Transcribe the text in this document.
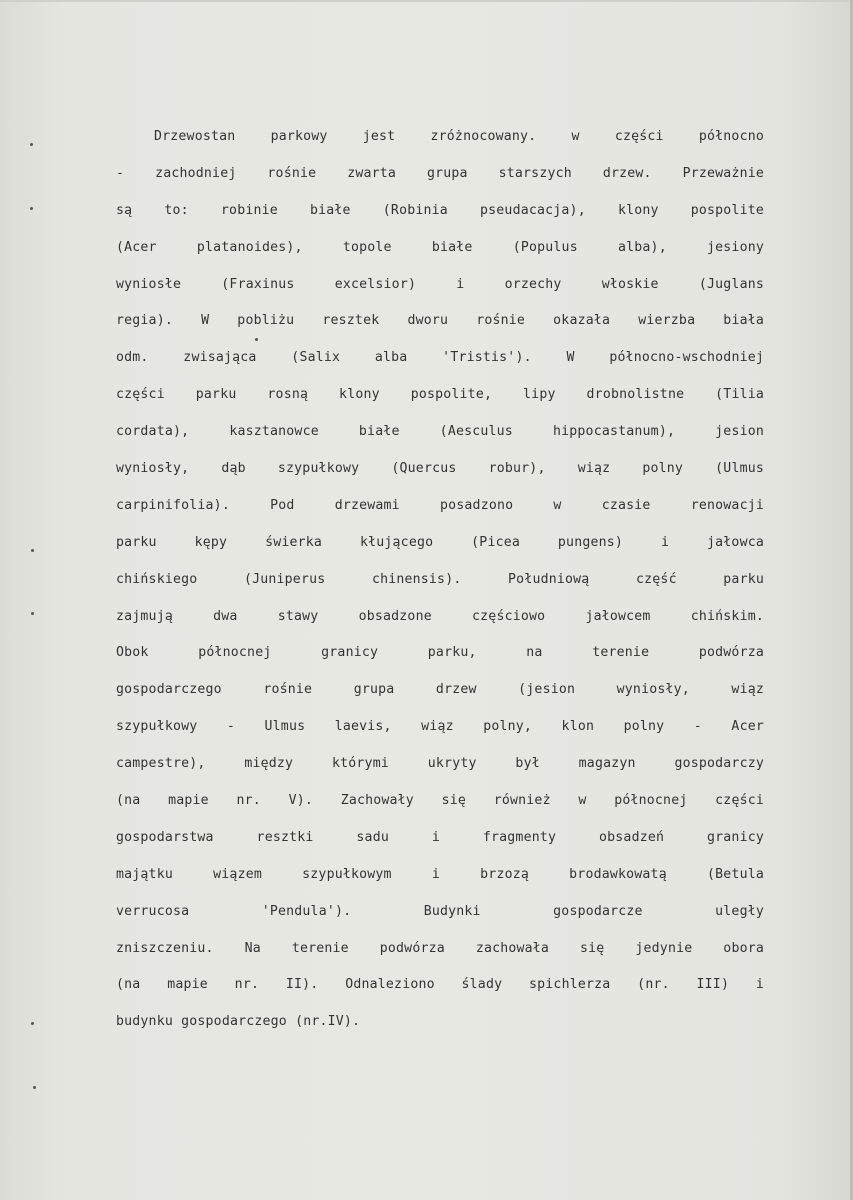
Drzewostan parkowy jest zróżnocowany. w części północno
- zachodniej rośnie zwarta grupa starszych drzew. Przeważnie
są to: robinie białe (Robinia pseudacacja), klony pospolite
(Acer platanoides), topole białe (Populus alba), jesiony
wyniosłe (Fraxinus excelsior) i orzechy włoskie (Juglans
regia). W pobliżu resztek dworu rośnie okazała wierzba biała
odm. zwisająca (Salix alba 'Tristis'). W północno-wschodniej
części parku rosną klony pospolite, lipy drobnolistne (Tilia
cordata), kasztanowce białe (Aesculus hippocastanum), jesion
wyniosły, dąb szypułkowy (Quercus robur), wiąz polny (Ulmus
carpinifolia). Pod drzewami posadzono w czasie renowacji
parku kępy świerka kłującego (Picea pungens) i jałowca
chińskiego (Juniperus chinensis). Południową część parku
zajmują dwa stawy obsadzone częściowo jałowcem chińskim.
Obok północnej granicy parku, na terenie podwórza
gospodarczego rośnie grupa drzew (jesion wyniosły, wiąz
szypułkowy - Ulmus laevis, wiąz polny, klon polny - Acer
campestre), między którymi ukryty był magazyn gospodarczy
(na mapie nr. V). Zachowały się również w północnej części
gospodarstwa resztki sadu i fragmenty obsadzeń granicy
majątku wiązem szypułkowym i brzozą brodawkowatą (Betula
verrucosa 'Pendula'). Budynki gospodarcze uległy
zniszczeniu. Na terenie podwórza zachowała się jedynie obora
(na mapie nr. II). Odnaleziono ślady spichlerza (nr. III) i
budynku gospodarczego (nr.IV).
